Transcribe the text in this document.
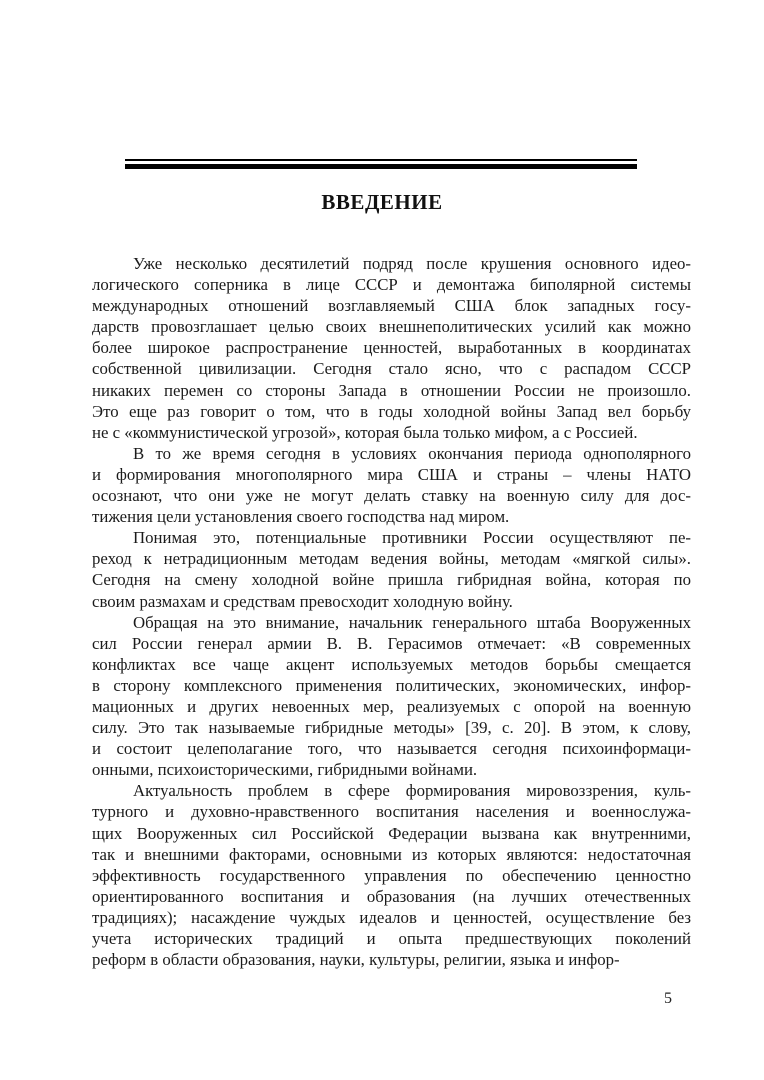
ВВЕДЕНИЕ

Уже несколько десятилетий подряд после крушения основного идео-
логического соперника в лице СССР и демонтажа биполярной системы
международных отношений возглавляемый США блок западных госу-
дарств провозглашает целью своих внешнеполитических усилий как можно
более широкое распространение ценностей, выработанных в координатах
собственной цивилизации. Сегодня стало ясно, что с распадом СССР
никаких перемен со стороны Запада в отношении России не произошло.
Это еще раз говорит о том, что в годы холодной войны Запад вел борьбу
не с «коммунистической угрозой», которая была только мифом, а с Россией.

В то же время сегодня в условиях окончания периода однополярного
и формирования многополярного мира США и страны – члены НАТО
осознают, что они уже не могут делать ставку на военную силу для дос-
тижения цели установления своего господства над миром.

Понимая это, потенциальные противники России осуществляют пе-
реход к нетрадиционным методам ведения войны, методам «мягкой силы».
Сегодня на смену холодной войне пришла гибридная война, которая по
своим размахам и средствам превосходит холодную войну.

Обращая на это внимание, начальник генерального штаба Вооруженных
сил России генерал армии В. В. Герасимов отмечает: «В современных
конфликтах все чаще акцент используемых методов борьбы смещается
в сторону комплексного применения политических, экономических, инфор-
мационных и других невоенных мер, реализуемых с опорой на военную
силу. Это так называемые гибридные методы» [39, с. 20]. В этом, к слову,
и состоит целеполагание того, что называется сегодня психоинформаци-
онными, психоисторическими, гибридными войнами.

Актуальность проблем в сфере формирования мировоззрения, куль-
турного и духовно-нравственного воспитания населения и военнослужа-
щих Вооруженных сил Российской Федерации вызвана как внутренними,
так и внешними факторами, основными из которых являются: недостаточная
эффективность государственного управления по обеспечению ценностно
ориентированного воспитания и образования (на лучших отечественных
традициях); насаждение чуждых идеалов и ценностей, осуществление без
учета исторических традиций и опыта предшествующих поколений
реформ в области образования, науки, культуры, религии, языка и инфор-

5
